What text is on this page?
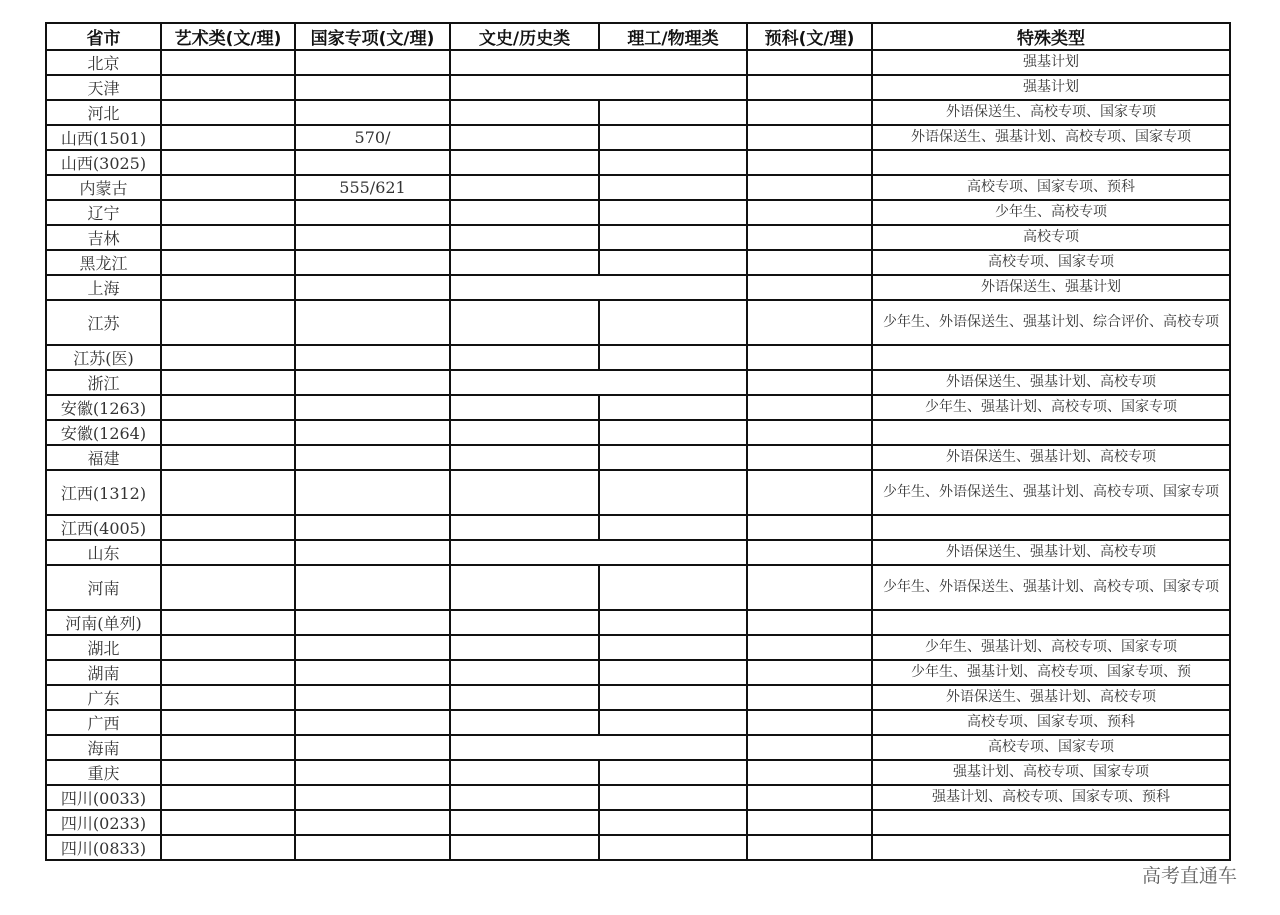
省市	艺术类(文/理)	国家专项(文/理)	文史/历史类	理工/物理类	预科(文/理)	特殊类型
北京						强基计划
天津						强基计划
河北						外语保送生、高校专项、国家专项
山西(1501)		570/				外语保送生、强基计划、高校专项、国家专项
山西(3025)						
内蒙古		555/621				高校专项、国家专项、预科
辽宁						少年生、高校专项
吉林						高校专项
黑龙江						高校专项、国家专项
上海						外语保送生、强基计划
江苏						少年生、外语保送生、强基计划、综合评价、高校专项
江苏(医)						
浙江						外语保送生、强基计划、高校专项
安徽(1263)						少年生、强基计划、高校专项、国家专项
安徽(1264)						
福建						外语保送生、强基计划、高校专项
江西(1312)						少年生、外语保送生、强基计划、高校专项、国家专项
江西(4005)						
山东						外语保送生、强基计划、高校专项
河南						少年生、外语保送生、强基计划、高校专项、国家专项
河南(单列)						
湖北						少年生、强基计划、高校专项、国家专项
湖南						少年生、强基计划、高校专项、国家专项、预
广东						外语保送生、强基计划、高校专项
广西						高校专项、国家专项、预科
海南						高校专项、国家专项
重庆						强基计划、高校专项、国家专项
四川(0033)						强基计划、高校专项、国家专项、预科
四川(0233)						
四川(0833)						
高考直通车
